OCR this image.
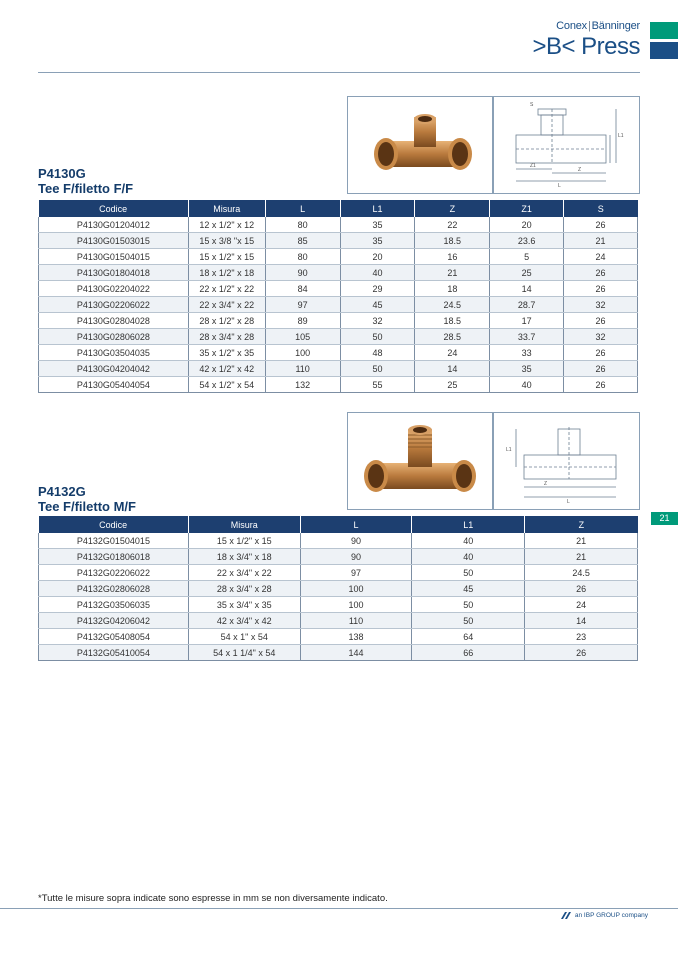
Conex|Bänninger
>B< Press
L
Z1
Z
L1
S
P4130G
Tee F/filetto F/F
Codice	Misura	L	L1	Z	Z1	S
P4130G01204012	12 x 1/2" x 12	80	35	22	20	26
P4130G01503015	15 x 3/8 "x 15	85	35	18.5	23.6	21
P4130G01504015	15 x 1/2" x 15	80	20	16	5	24
P4130G01804018	18 x 1/2" x 18	90	40	21	25	26
P4130G02204022	22 x 1/2" x 22	84	29	18	14	26
P4130G02206022	22 x 3/4" x 22	97	45	24.5	28.7	32
P4130G02804028	28 x 1/2" x 28	89	32	18.5	17	26
P4130G02806028	28 x 3/4" x 28	105	50	28.5	33.7	32
P4130G03504035	35 x 1/2" x 35	100	48	24	33	26
P4130G04204042	42 x 1/2" x 42	110	50	14	35	26
P4130G05404054	54 x 1/2" x 54	132	55	25	40	26
L
Z
L1
P4132G
Tee F/filetto M/F
Codice	Misura	L	L1	Z
P4132G01504015	15 x 1/2" x 15	90	40	21
P4132G01806018	18 x 3/4" x 18	90	40	21
P4132G02206022	22 x 3/4" x 22	97	50	24.5
P4132G02806028	28 x 3/4" x 28	100	45	26
P4132G03506035	35 x 3/4" x 35	100	50	24
P4132G04206042	42 x 3/4" x 42	110	50	14
P4132G05408054	54 x 1" x 54	138	64	23
P4132G05410054	54 x 1 1/4" x 54	144	66	26
21
*Tutte le misure sopra indicate sono espresse in mm se non diversamente indicato.
an IBP GROUP company
